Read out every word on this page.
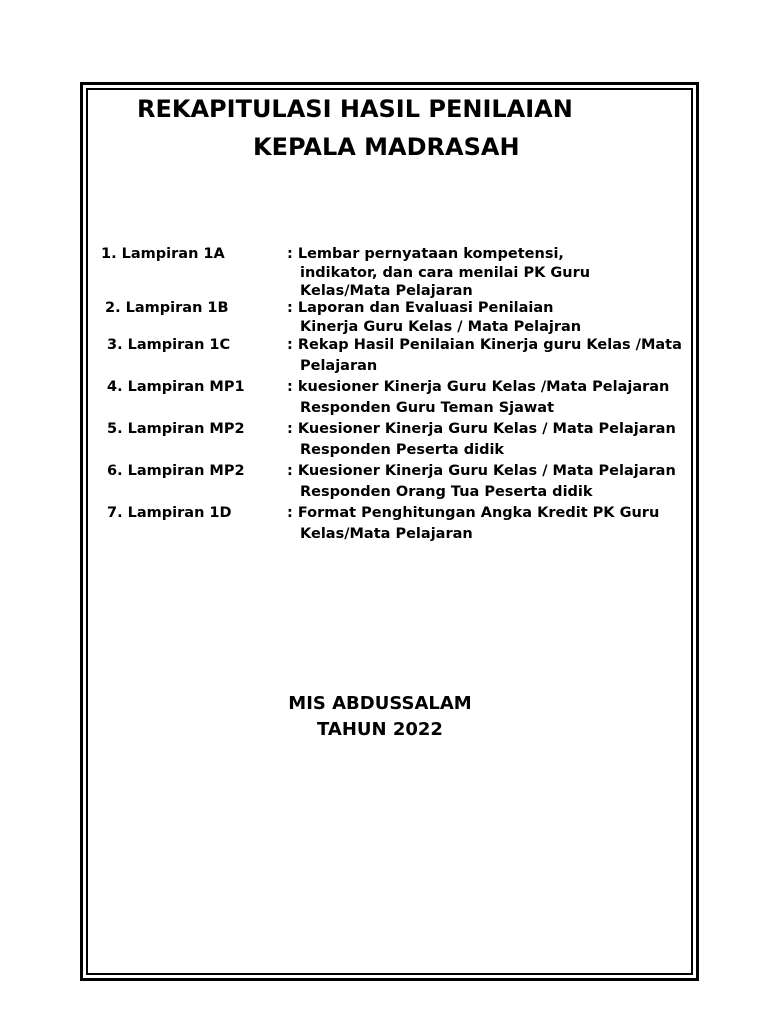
REKAPITULASI HASIL PENILAIAN
KEPALA MADRASAH
1. Lampiran 1A	: Lembar pernyataan kompetensi,
indikator, dan cara menilai PK Guru
Kelas/Mata Pelajaran
2. Lampiran 1B	: Laporan dan Evaluasi Penilaian
Kinerja Guru Kelas / Mata Pelajran
3. Lampiran 1C	: Rekap Hasil Penilaian Kinerja guru Kelas /Mata
Pelajaran
4. Lampiran MP1	: kuesioner Kinerja Guru Kelas /Mata Pelajaran
Responden Guru Teman Sjawat
5. Lampiran MP2	: Kuesioner Kinerja Guru Kelas / Mata Pelajaran
Responden Peserta didik
6. Lampiran MP2	: Kuesioner Kinerja Guru Kelas / Mata Pelajaran
Responden Orang Tua Peserta didik
7. Lampiran 1D	: Format Penghitungan Angka Kredit PK Guru
Kelas/Mata Pelajaran
MIS ABDUSSALAM
TAHUN 2022
